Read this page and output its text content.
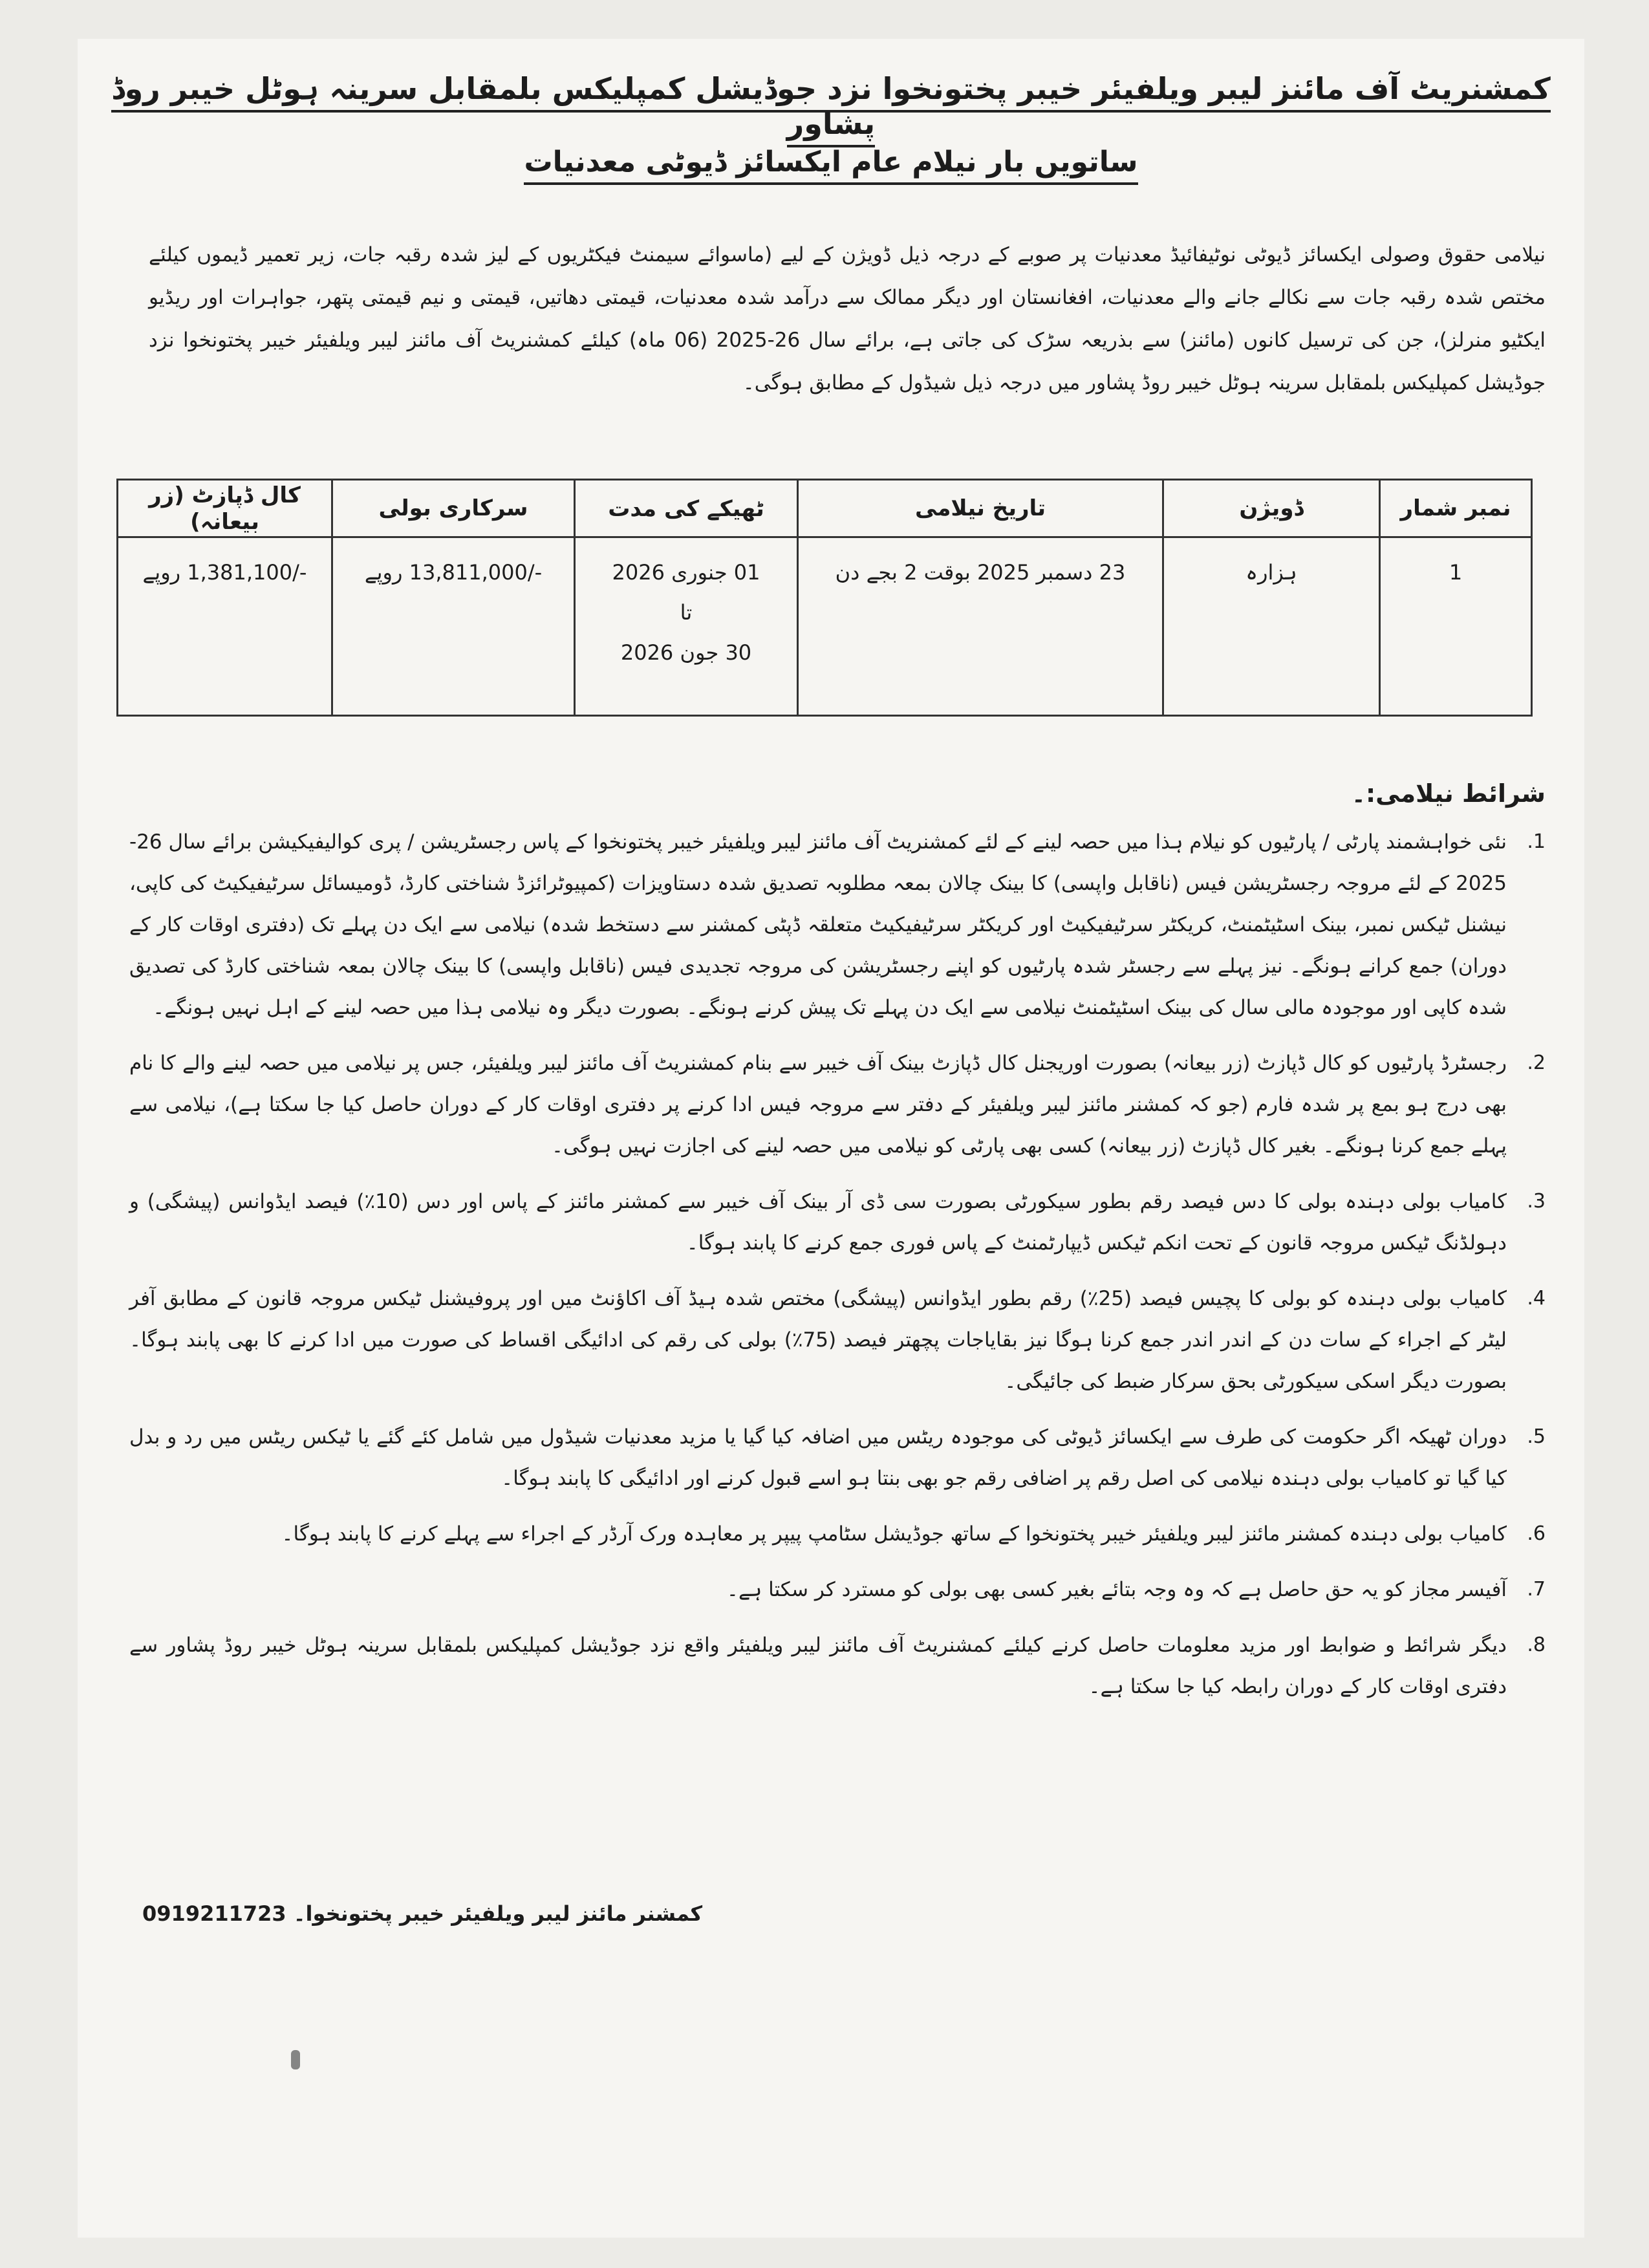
کمشنریٹ آف مائنز لیبر ویلفیئر خیبر پختونخوا نزد جوڈیشل کمپلیکس بلمقابل سرینہ ہوٹل خیبر روڈ پشاور
ساتویں بار نیلام عام ایکسائز ڈیوٹی معدنیات

نیلامی حقوق وصولی ایکسائز ڈیوٹی نوٹیفائیڈ معدنیات پر صوبے کے درجہ ذیل ڈویژن کے لیے (ماسوائے سیمنٹ فیکٹریوں کے لیز شدہ رقبہ جات، زیر تعمیر ڈیموں کیلئے مختص شدہ رقبہ جات سے نکالے جانے والے معدنیات، افغانستان اور دیگر ممالک سے درآمد شدہ معدنیات، قیمتی دھاتیں، قیمتی و نیم قیمتی پتھر، جواہرات اور ریڈیو ایکٹیو منرلز)، جن کی ترسیل کانوں (مائنز) سے بذریعہ سڑک کی جاتی ہے، برائے سال 26-2025 (06 ماہ) کیلئے کمشنریٹ آف مائنز لیبر ویلفیئر خیبر پختونخوا نزد جوڈیشل کمپلیکس بلمقابل سرینہ ہوٹل خیبر روڈ پشاور میں درجہ ذیل شیڈول کے مطابق ہوگی۔

نمبر شمار	ڈویژن	تاریخ نیلامی	ٹھیکے کی مدت	سرکاری بولی	کال ڈپازٹ (زر بیعانہ)
1	ہزارہ	23 دسمبر 2025 بوقت 2 بجے دن	01 جنوری 2026
تا
30 جون 2026	-/13,811,000 روپے	-/1,381,100 روپے
شرائط نیلامی:۔
1.
نئی خواہشمند پارٹی / پارٹیوں کو نیلام ہذا میں حصہ لینے کے لئے کمشنریٹ آف مائنز لیبر ویلفیئر خیبر پختونخوا کے پاس رجسٹریشن / پری کوالیفیکیشن برائے سال 26-2025 کے لئے مروجہ رجسٹریشن فیس (ناقابل واپسی) کا بینک چالان بمعہ مطلوبہ تصدیق شدہ دستاویزات (کمپیوٹرائزڈ شناختی کارڈ، ڈومیسائل سرٹیفیکیٹ کی کاپی، نیشنل ٹیکس نمبر، بینک اسٹیٹمنٹ، کریکٹر سرٹیفیکیٹ اور کریکٹر سرٹیفیکیٹ متعلقہ ڈپٹی کمشنر سے دستخط شدہ) نیلامی سے ایک دن پہلے تک (دفتری اوقات کار کے دوران) جمع کرانے ہونگے۔ نیز پہلے سے رجسٹر شدہ پارٹیوں کو اپنے رجسٹریشن کی مروجہ تجدیدی فیس (ناقابل واپسی) کا بینک چالان بمعہ شناختی کارڈ کی تصدیق شدہ کاپی اور موجودہ مالی سال کی بینک اسٹیٹمنٹ نیلامی سے ایک دن پہلے تک پیش کرنے ہونگے۔ بصورت دیگر وہ نیلامی ہذا میں حصہ لینے کے اہل نہیں ہونگے۔
2.
رجسٹرڈ پارٹیوں کو کال ڈپازٹ (زر بیعانہ) بصورت اوریجنل کال ڈپازٹ بینک آف خیبر سے بنام کمشنریٹ آف مائنز لیبر ویلفیئر، جس پر نیلامی میں حصہ لینے والے کا نام بھی درج ہو بمع پر شدہ فارم (جو کہ کمشنر مائنز لیبر ویلفیئر کے دفتر سے مروجہ فیس ادا کرنے پر دفتری اوقات کار کے دوران حاصل کیا جا سکتا ہے)، نیلامی سے پہلے جمع کرنا ہونگے۔ بغیر کال ڈپازٹ (زر بیعانہ) کسی بھی پارٹی کو نیلامی میں حصہ لینے کی اجازت نہیں ہوگی۔
3.
کامیاب بولی دہندہ بولی کا دس فیصد رقم بطور سیکورٹی بصورت سی ڈی آر بینک آف خیبر سے کمشنر مائنز کے پاس اور دس (10٪) فیصد ایڈوانس (پیشگی) و دہولڈنگ ٹیکس مروجہ قانون کے تحت انکم ٹیکس ڈیپارٹمنٹ کے پاس فوری جمع کرنے کا پابند ہوگا۔
4.
کامیاب بولی دہندہ کو بولی کا پچیس فیصد (25٪) رقم بطور ایڈوانس (پیشگی) مختص شدہ ہیڈ آف اکاؤنٹ میں اور پروفیشنل ٹیکس مروجہ قانون کے مطابق آفر لیٹر کے اجراء کے سات دن کے اندر اندر جمع کرنا ہوگا نیز بقایاجات پچھتر فیصد (75٪) بولی کی رقم کی ادائیگی اقساط کی صورت میں ادا کرنے کا بھی پابند ہوگا۔ بصورت دیگر اسکی سیکورٹی بحق سرکار ضبط کی جائیگی۔
5.
دوران ٹھیکہ اگر حکومت کی طرف سے ایکسائز ڈیوٹی کی موجودہ ریٹس میں اضافہ کیا گیا یا مزید معدنیات شیڈول میں شامل کئے گئے یا ٹیکس ریٹس میں رد و بدل کیا گیا تو کامیاب بولی دہندہ نیلامی کی اصل رقم پر اضافی رقم جو بھی بنتا ہو اسے قبول کرنے اور ادائیگی کا پابند ہوگا۔
6.
کامیاب بولی دہندہ کمشنر مائنز لیبر ویلفیئر خیبر پختونخوا کے ساتھ جوڈیشل سٹامپ پیپر پر معاہدہ ورک آرڈر کے اجراء سے پہلے کرنے کا پابند ہوگا۔
7.
آفیسر مجاز کو یہ حق حاصل ہے کہ وہ وجہ بتائے بغیر کسی بھی بولی کو مسترد کر سکتا ہے۔
8.
دیگر شرائط و ضوابط اور مزید معلومات حاصل کرنے کیلئے کمشنریٹ آف مائنز لیبر ویلفیئر واقع نزد جوڈیشل کمپلیکس بلمقابل سرینہ ہوٹل خیبر روڈ پشاور سے دفتری اوقات کار کے دوران رابطہ کیا جا سکتا ہے۔
کمشنر مائنز لیبر ویلفیئر خیبر پختونخوا۔ 0919211723
